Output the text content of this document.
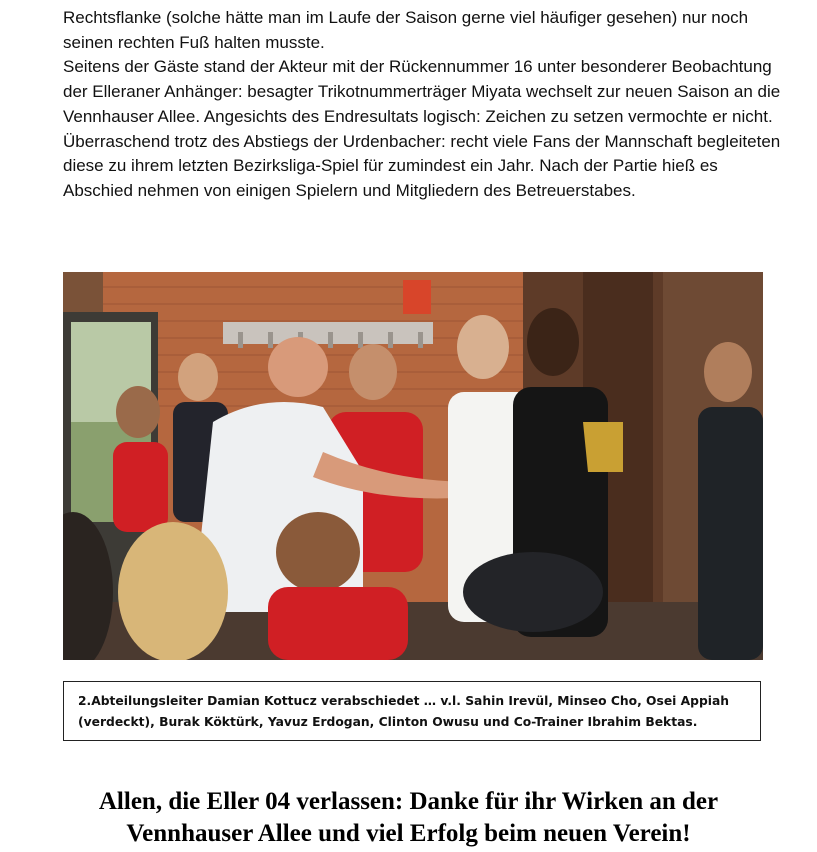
Rechtsflanke (solche hätte man im Laufe der Saison gerne viel häufiger gesehen) nur noch seinen rechten Fuß halten musste.

Seitens der Gäste stand der Akteur mit der Rückennummer 16 unter besonderer Beobachtung der Elleraner Anhänger: besagter Trikotnummerträger Miyata wechselt zur neuen Saison an die Vennhauser Allee. Angesichts des Endresultats logisch: Zeichen zu setzen vermochte er nicht.

Überraschend trotz des Abstiegs der Urdenbacher: recht viele Fans der Mannschaft begleiteten diese zu ihrem letzten Bezirksliga-Spiel für zumindest ein Jahr. Nach der Partie hieß es Abschied nehmen von einigen Spielern und Mitgliedern des Betreuerstabes.

2.Abteilungsleiter Damian Kottucz verabschiedet … v.l. Sahin Irevül, Minseo Cho, Osei Appiah (verdeckt), Burak Köktürk, Yavuz Erdogan, Clinton Owusu und Co-Trainer Ibrahim Bektas.
Allen, die Eller 04 verlassen: Danke für ihr Wirken an der
Vennhauser Allee und viel Erfolg beim neuen Verein!
